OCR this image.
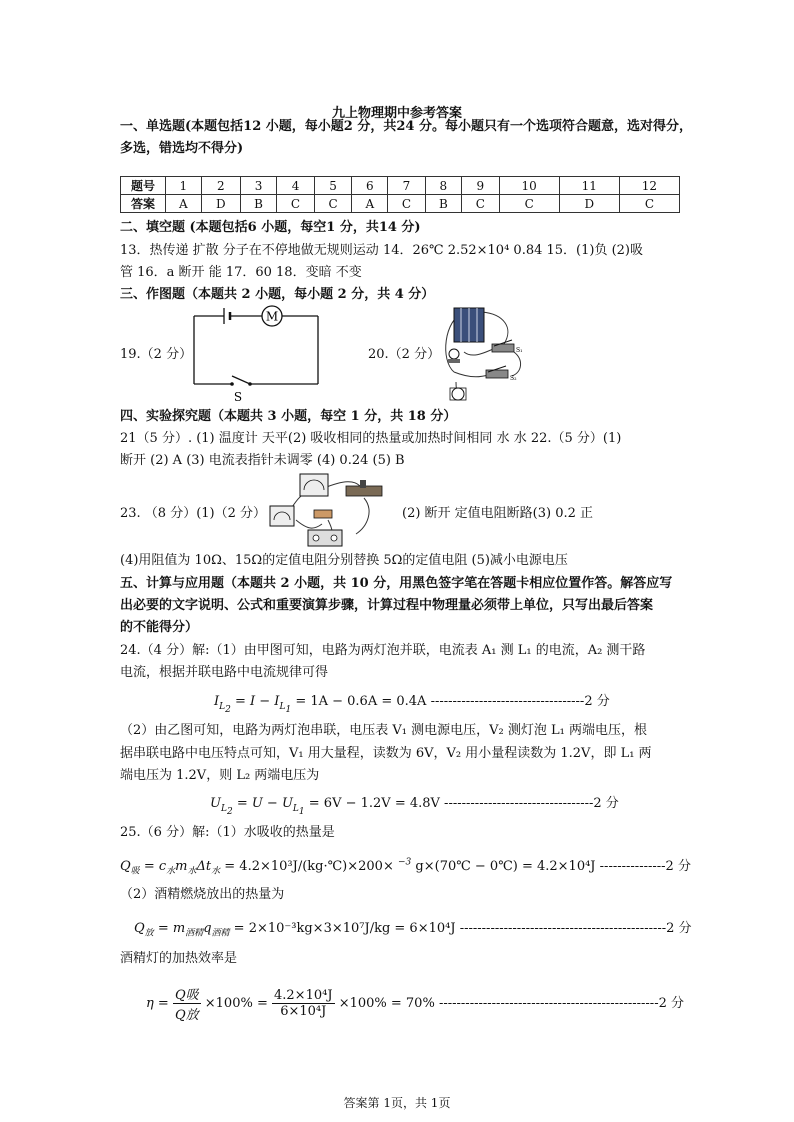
九上物理期中参考答案
一、单选题(本题包括12 小题，每小题2 分，共24 分。每小题只有一个选项符合题意，选对得分，
多选，错选均不得分)
题号	1	2	3	4	5	6	7	8	9	10	11	12
答案	A	D	B	C	C	A	C	B	C	C	D	C
二、填空题 (本题包括6 小题，每空1 分，共14 分)
13．热传递 扩散 分子在不停地做无规则运动 14．26℃ 2.52×10⁴ 0.84 15．(1)负 (2)吸
管 16．a 断开 能 17．60 18．变暗 不变
三、作图题（本题共 2 小题，每小题 2 分，共 4 分）
19.（2 分）
M
S
20.（2 分）	S₁
S₂
四、实验探究题（本题共 3 小题，每空 1 分，共 18 分）
21（5 分）. (1) 温度计 天平(2) 吸收相同的热量或加热时间相同 水 水 22.（5 分）(1)
断开 (2) A (3) 电流表指针未调零 (4) 0.24 (5) B
23. （8 分）(1)（2 分）	(2) 断开 定值电阻断路(3) 0.2 正
(4)用阻值为 10Ω、15Ω的定值电阻分别替换 5Ω的定值电阻 (5)减小电源电压
五、计算与应用题（本题共 2 小题，共 10 分，用黑色签字笔在答题卡相应位置作答。解答应写
出必要的文字说明、公式和重要演算步骤，计算过程中物理量必须带上单位，只写出最后答案
的不能得分）
24.（4 分）解:（1）由甲图可知，电路为两灯泡并联，电流表 A₁ 测 L₁ 的电流，A₂ 测干路
电流，根据并联电路中电流规律可得
$I_{L_2} = I - I_{L_1} = 1A - 0.6A = 0.4A$ -----------------------------------2 分
（2）由乙图可知，电路为两灯泡串联，电压表 V₁ 测电源电压，V₂ 测灯泡 L₁ 两端电压，根
据串联电路中电压特点可知，V₁ 用大量程，读数为 6V，V₂ 用小量程读数为 1.2V，即 L₁ 两
端电压为 1.2V，则 L₂ 两端电压为
$U_{L_2} = U - U_{L_1} = 6V - 1.2V = 4.8V$ ----------------------------------2 分
25.（6 分）解:（1）水吸收的热量是
$Q_吸 = c_水m_水\Delta t_水$ = 4.2×10³J/(kg·℃)×200× $^{-3}$ g×(70℃ − 0℃) = 4.2×10⁴J ---------------2 分
（2）酒精燃烧放出的热量为
$Q_放 = m_{酒精}q_{酒精} = 2\times 10^{-3}kg\times 3\times 10^7J/kg = 6\times 10^4J$ -----------------------------------------------2 分
酒精灯的加热效率是
$\eta = \frac{\text{Q吸}}{\text{Q放}} \times 100\% = \frac{\text{4.2×10⁴J}}{\text{6×10⁴J}} \times 100\% = 70\%$ --------------------------------------------------2 分
答案第 1页，共 1页
